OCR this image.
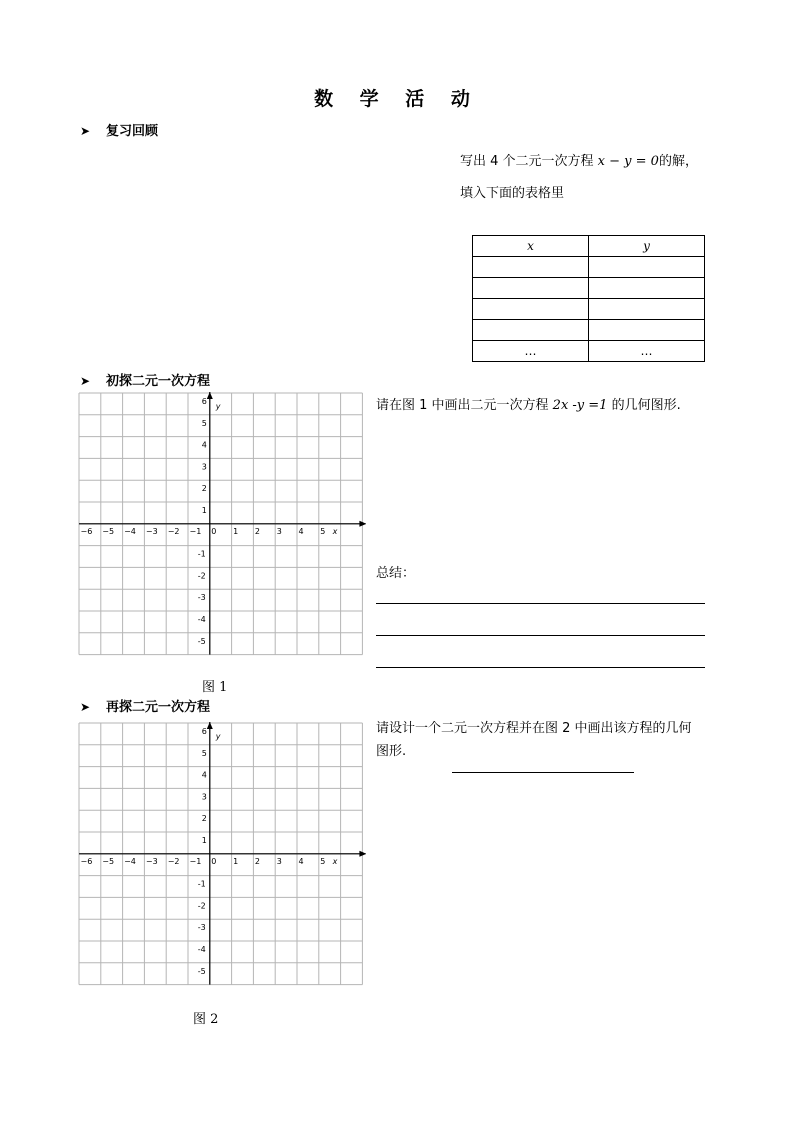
数 学 活 动
➤ 复习回顾
写出 4 个二元一次方程 x − y = 0的解，
填入下面的表格里
x	y

…	…
➤ 初探二元一次方程
−6 −5 −4 −3 −2 −1	1 2 3 4 5
0	x
6
5
4
3
2
1
-1
-2
-3
-4
-5
y	请在图 1 中画出二元一次方程 2x -y =1 的几何图形.
总结：
图 1
➤ 再探二元一次方程
−6 −5 −4 −3 −2 −1	1 2 3 4 5
0	x
6
5
4
3
2
1
-1
-2
-3
-4
-5
y
请设计一个二元一次方程并在图 2 中画出该方程的几何
图形.
图 2
